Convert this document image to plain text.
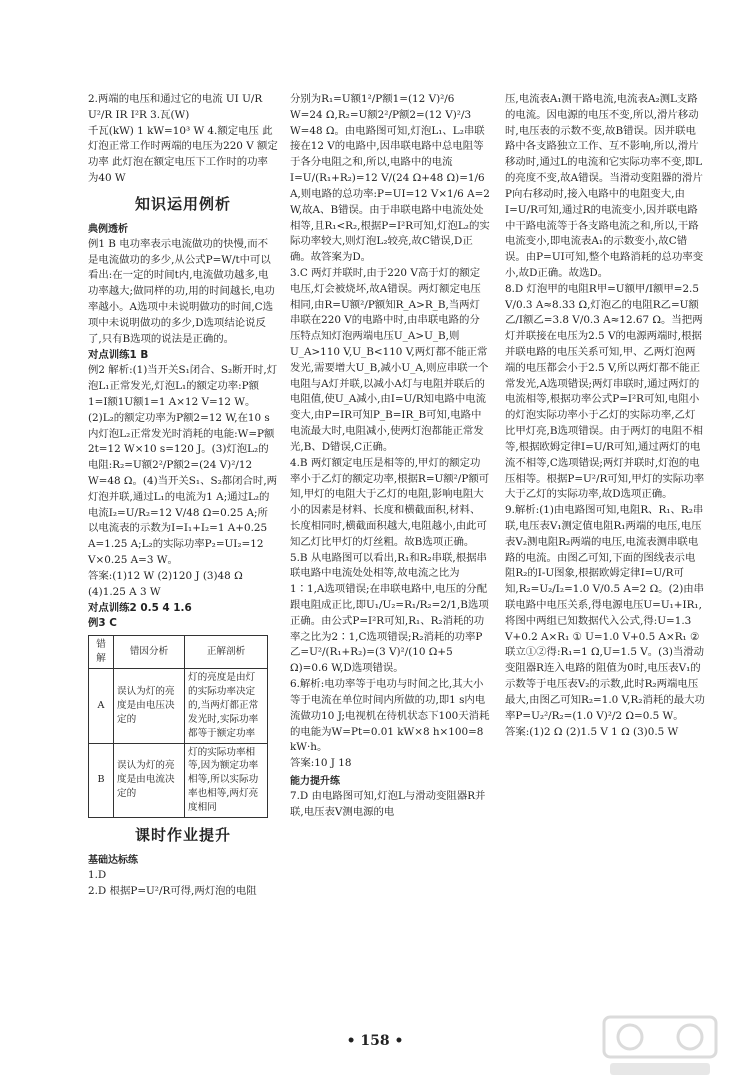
2.两端的电压和通过它的电流 UI U/R U²/R IR I²R 3.瓦(W)

千瓦(kW) 1 kW=10³ W 4.额定电压 此灯泡正常工作时两端的电压为220 V 额定功率 此灯泡在额定电压下工作时的功率为40 W

知识运用例析
典例透析

例1 B 电功率表示电流做功的快慢,而不是电流做功的多少,从公式P=W/t中可以看出:在一定的时间t内,电流做功越多,电功率越大;做同样的功,用的时间越长,电功率越小。A选项中未说明做功的时间,C选项中未说明做功的多少,D选项结论说反了,只有B选项的说法是正确的。

对点训练1 B

例2 解析:(1)当开关S₁闭合、S₂断开时,灯泡L₁正常发光,灯泡L₁的额定功率:P额1=I额1U额1=1 A×12 V=12 W。(2)L₂的额定功率为P额2=12 W,在10 s内灯泡L₂正常发光时消耗的电能:W=P额2t=12 W×10 s=120 J。(3)灯泡L₂的电阻:R₂=U额2²/P额2=(24 V)²/12 W=48 Ω。(4)当开关S₁、S₂都闭合时,两灯泡并联,通过L₁的电流为1 A;通过L₂的电流I₂=U/R₂=12 V/48 Ω=0.25 A;所以电流表的示数为I=I₁+I₂=1 A+0.25 A=1.25 A;L₂的实际功率P₂=UI₂=12 V×0.25 A=3 W。

答案:(1)12 W (2)120 J (3)48 Ω (4)1.25 A 3 W

对点训练2 0.5 4 1.6

例3 C

错解	错因分析	正解剖析
A	误认为灯的亮度是由电压决定的	灯的亮度是由灯的实际功率决定的,当两灯都正常发光时,实际功率都等于额定功率
B	误认为灯的亮度是由电流决定的	灯的实际功率相等,因为额定功率相等,所以实际功率也相等,两灯亮度相同
课时作业提升
基础达标练

1.D

2.D 根据P=U²/R可得,两灯泡的电阻

分别为R₁=U额1²/P额1=(12 V)²/6 W=24 Ω,R₂=U额2²/P额2=(12 V)²/3 W=48 Ω。由电路图可知,灯泡L₁、L₂串联接在12 V的电路中,因串联电路中总电阻等于各分电阻之和,所以,电路中的电流I=U/(R₁+R₂)=12 V/(24 Ω+48 Ω)=1/6 A,则电路的总功率:P=UI=12 V×1/6 A=2 W,故A、B错误。由于串联电路中电流处处相等,且R₁<R₂,根据P=I²R可知,灯泡L₂的实际功率较大,则灯泡L₂较亮,故C错误,D正确。故答案为D。

3.C 两灯并联时,由于220 V高于灯的额定电压,灯会被烧坏,故A错误。两灯额定电压相同,由R=U额²/P额知R_A>R_B,当两灯串联在220 V的电路中时,由串联电路的分压特点知灯泡两端电压U_A>U_B,则U_A>110 V,U_B<110 V,两灯都不能正常发光,需要增大U_B,减小U_A,则应串联一个电阻与A灯并联,以减小A灯与电阻并联后的电阻值,使U_A减小,由I=U/R知电路中电流变大,由P=IR可知P_B=IR_B可知,电路中电流最大时,电阻减小,使两灯泡都能正常发光,B、D错误,C正确。

4.B 两灯额定电压是相等的,甲灯的额定功率小于乙灯的额定功率,根据R=U额²/P额可知,甲灯的电阻大于乙灯的电阻,影响电阻大小的因素是材料、长度和横截面积,材料、长度相同时,横截面积越大,电阻越小,由此可知乙灯比甲灯的灯丝粗。故B选项正确。

5.B 从电路图可以看出,R₁和R₂串联,根据串联电路中电流处处相等,故电流之比为1∶1,A选项错误;在串联电路中,电压的分配跟电阻成正比,即U₁/U₂=R₁/R₂=2/1,B选项正确。由公式P=I²R可知,R₁、R₂消耗的功率之比为2∶1,C选项错误;R₂消耗的功率P乙=U²/(R₁+R₂)=(3 V)²/(10 Ω+5 Ω)=0.6 W,D选项错误。

6.解析:电功率等于电功与时间之比,其大小等于电流在单位时间内所做的功,即1 s内电流做功10 J;电视机在待机状态下100天消耗的电能为W=Pt=0.01 kW×8 h×100=8 kW·h。

答案:10 J 18

能力提升练

7.D 由电路图可知,灯泡L与滑动变阻器R并联,电压表V测电源的电

压,电流表A₁测干路电流,电流表A₂测L支路的电流。因电源的电压不变,所以,滑片移动时,电压表的示数不变,故B错误。因并联电路中各支路独立工作、互不影响,所以,滑片移动时,通过L的电流和它实际功率不变,即L的亮度不变,故A错误。当滑动变阻器的滑片P向右移动时,接入电路中的电阻变大,由I=U/R可知,通过R的电流变小,因并联电路中干路电流等于各支路电流之和,所以,干路电流变小,即电流表A₁的示数变小,故C错误。由P=UI可知,整个电路消耗的总功率变小,故D正确。故选D。

8.D 灯泡甲的电阻R甲=U额甲/I额甲=2.5 V/0.3 A≈8.33 Ω,灯泡乙的电阻R乙=U额乙/I额乙=3.8 V/0.3 A≈12.67 Ω。当把两灯并联接在电压为2.5 V的电源两端时,根据并联电路的电压关系可知,甲、乙两灯泡两端的电压都会小于2.5 V,所以两灯都不能正常发光,A选项错误;两灯串联时,通过两灯的电流相等,根据功率公式P=I²R可知,电阻小的灯泡实际功率小于乙灯的实际功率,乙灯比甲灯亮,B选项错误。由于两灯的电阻不相等,根据欧姆定律I=U/R可知,通过两灯的电流不相等,C选项错误;两灯并联时,灯泡的电压相等。根据P=U²/R可知,甲灯的实际功率大于乙灯的实际功率,故D选项正确。

9.解析:(1)由电路图可知,电阻R、R₁、R₂串联,电压表V₁测定值电阻R₁两端的电压,电压表V₂测电阻R₂两端的电压,电流表测串联电路的电流。由图乙可知,下面的图线表示电阻R₂的I-U图象,根据欧姆定律I=U/R可知,R₂=U₂/I₂=1.0 V/0.5 A=2 Ω。(2)由串联电路中电压关系,得电源电压U=U₁+IR₁,将图中两组已知数据代入公式,得:U=1.3 V+0.2 A×R₁ ① U=1.0 V+0.5 A×R₁ ② 联立①②得:R₁=1 Ω,U=1.5 V。(3)当滑动变阻器R连入电路的阻值为0时,电压表V₁的示数等于电压表V₂的示数,此时R₂两端电压最大,由图乙可知R₂=1.0 V,R₂消耗的最大功率P=U₂²/R₂=(1.0 V)²/2 Ω=0.5 W。

答案:(1)2 Ω (2)1.5 V 1 Ω (3)0.5 W

• 158 •
